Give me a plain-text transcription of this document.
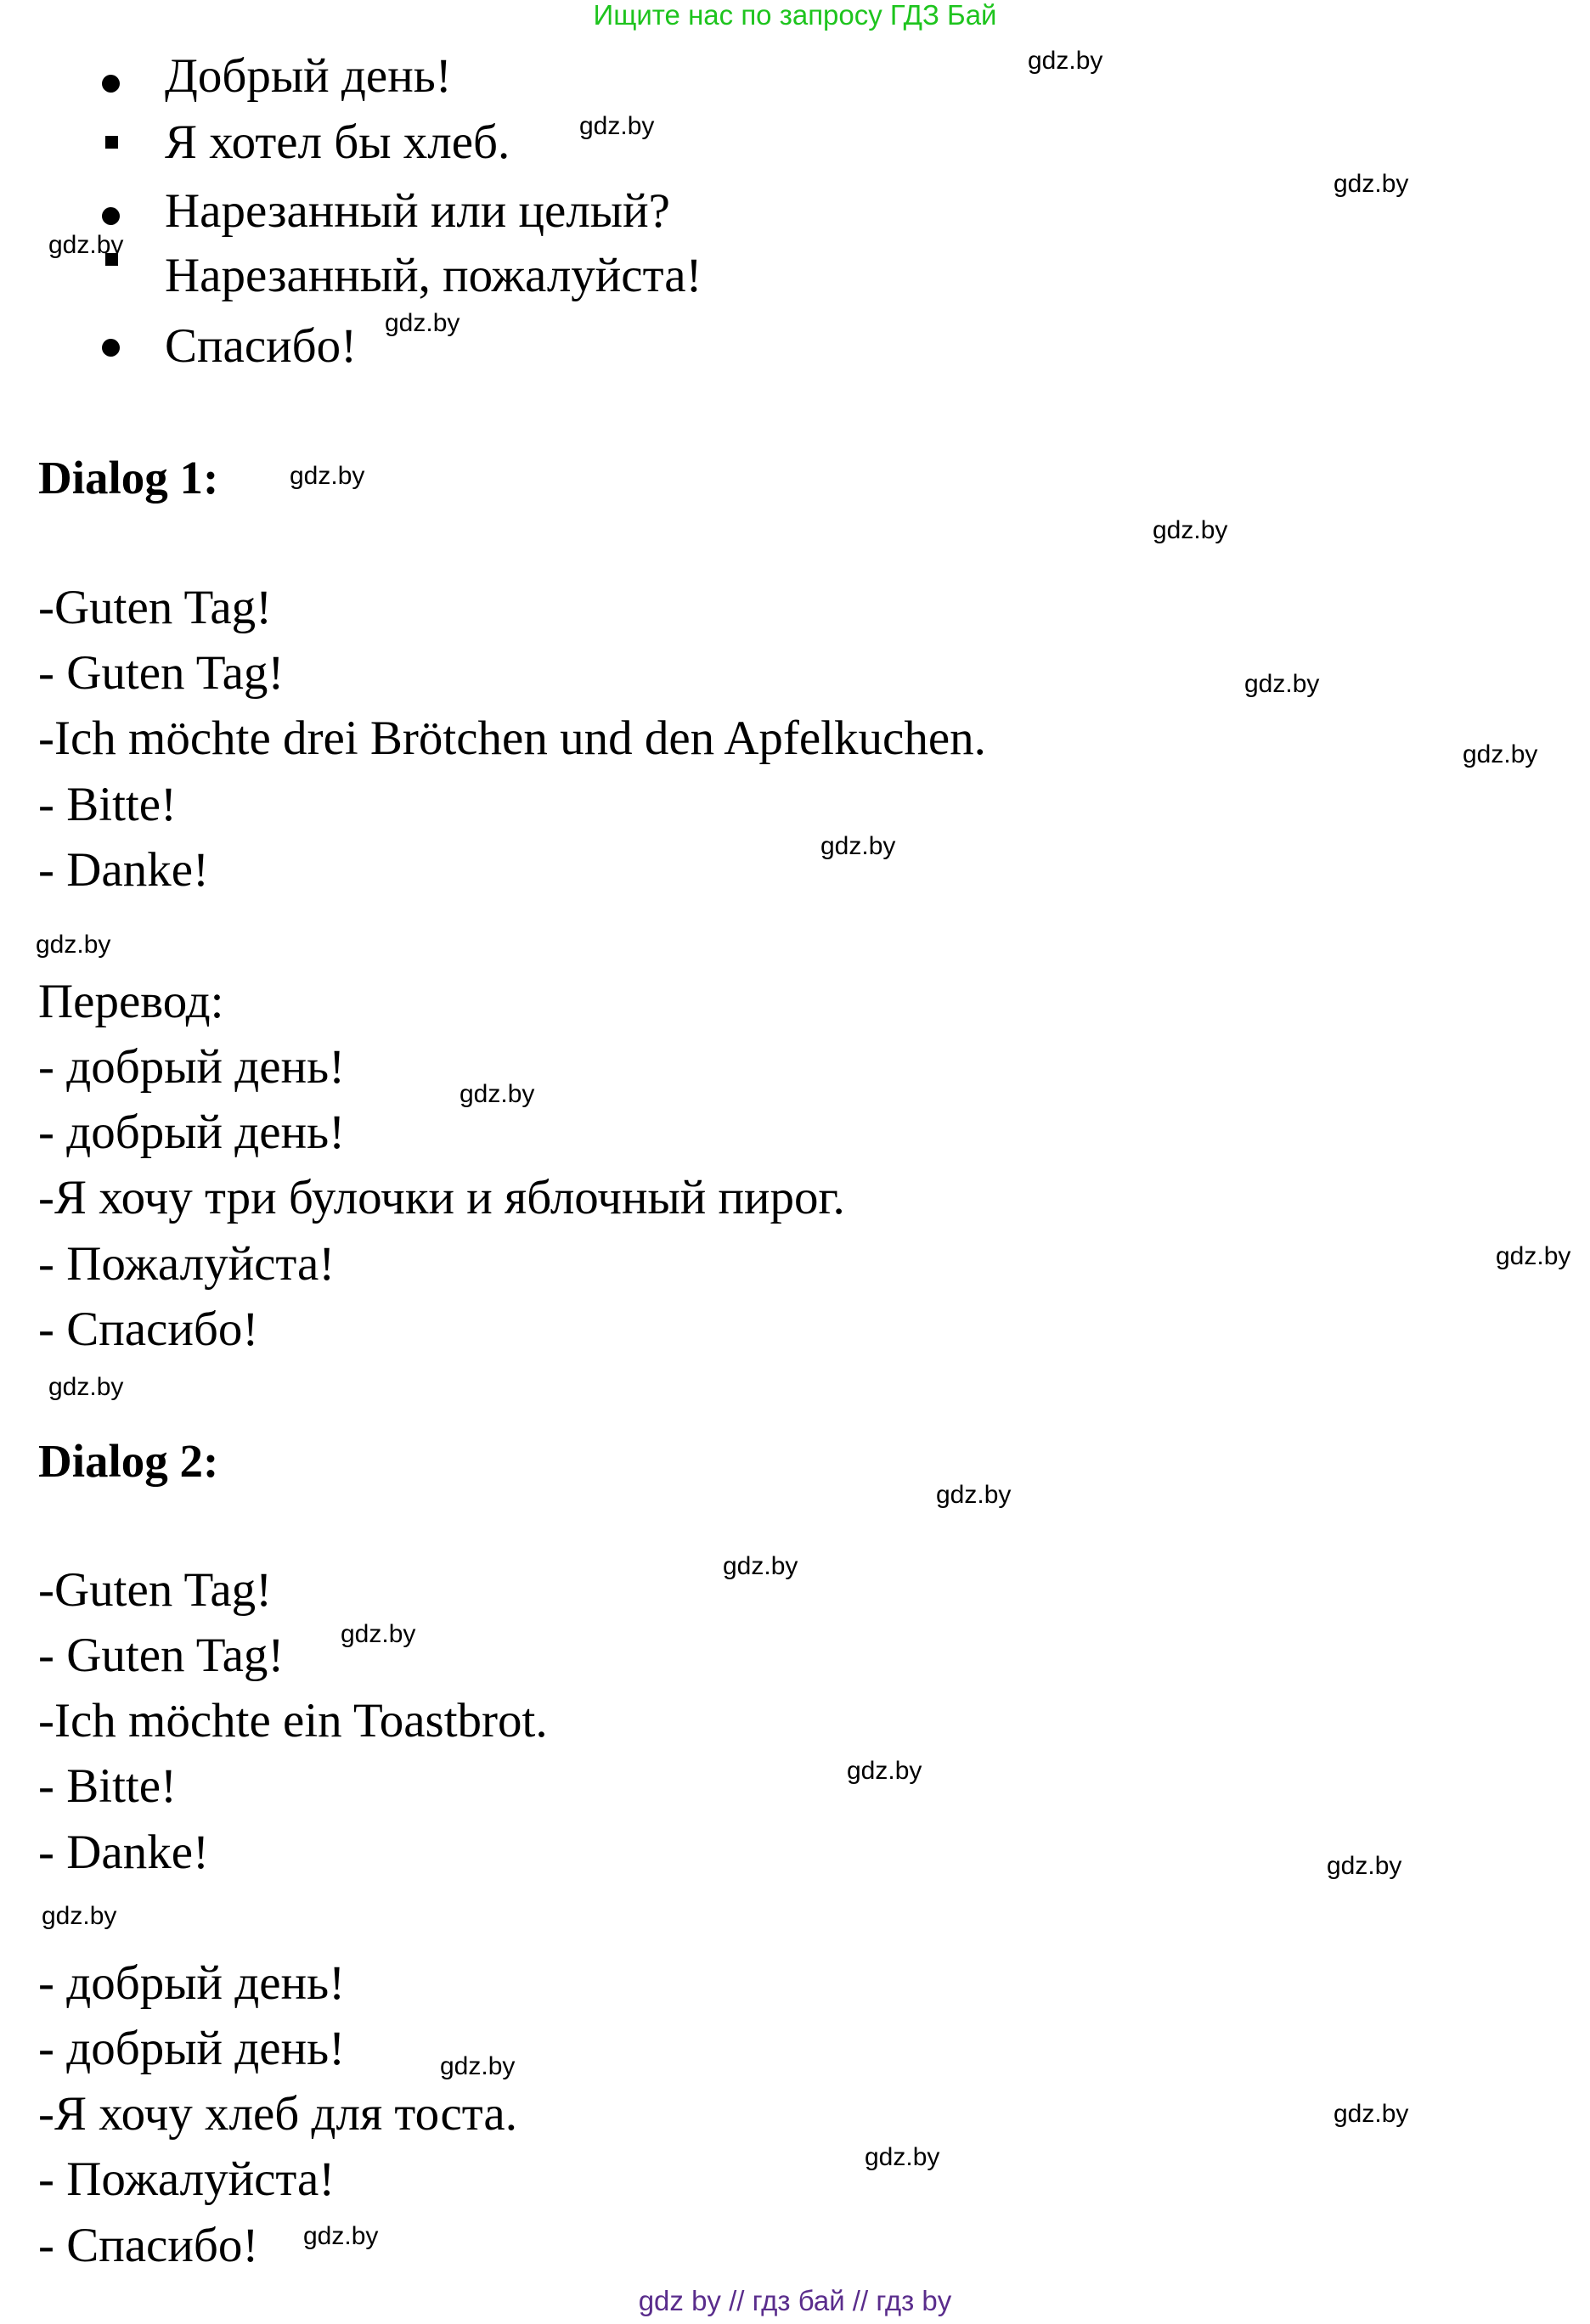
Ищите нас по запросу ГДЗ Бай
Добрый день!
Я хотел бы хлеб.
Нарезанный или целый?
Нарезанный, пожалуйста!
Спасибо!
Dialog 1:
-Guten Tag!
- Guten Tag!
-Ich möchte drei Brötchen und den Apfelkuchen.
- Bitte!
- Danke!
Перевод:
- добрый день!
- добрый день!
-Я хочу три булочки и яблочный пирог.
- Пожалуйста!
- Спасибо!
Dialog 2:
-Guten Tag!
- Guten Tag!
-Ich möchte ein Toastbrot.
- Bitte!
- Danke!
- добрый день!
- добрый день!
-Я хочу хлеб для тоста.
- Пожалуйста!
- Спасибо!
gdz.by
gdz.by
gdz.by
gdz.by
gdz.by
gdz.by
gdz.by
gdz.by
gdz.by
gdz.by
gdz.by
gdz.by
gdz.by
gdz.by
gdz.by
gdz.by
gdz.by
gdz.by
gdz.by
gdz.by
gdz.by
gdz.by
gdz.by
gdz.by
gdz by // гдз бай // гдз by
